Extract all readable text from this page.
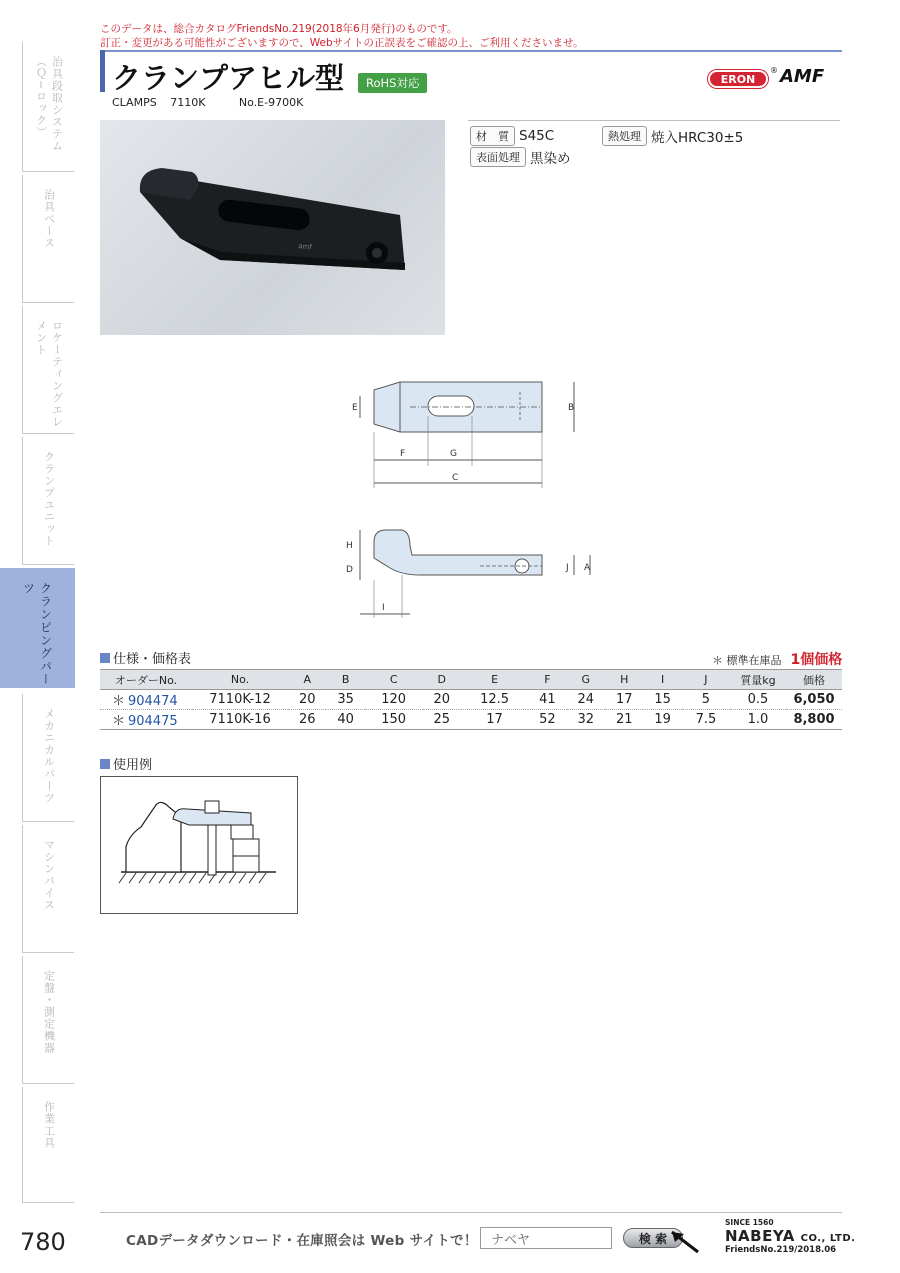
このデータは、総合カタログFriendsNo.219(2018年6月発行)のものです。
訂正・変更がある可能性がございますので、Webサイトの正誤表をご確認の上、ご利用くださいませ。
治具段取システム（Ｑ−ロック）
治具ベース
ロケーティングエレメント
クランプユニット
クランピングパーツ
メカニカルパーツ
マシンバイス
定盤・測定機器
作業工具
クランプアヒル型	RoHS対応
CLAMPS 7110K	No.E-9700K
ERON
® AMF
amf
材　質 S45C	熱処理 焼入HRC30±5
表面処理 黒染め
E	B
F	G
C
H
D
I
J A
仕様・価格表	＊ 標準在庫品 1個価格
オーダーNo.	No.	A	B	C	D	E	F	G	H	I	J	質量kg	価格
＊ 904474	7110K-12	20	35	120	20	12.5	41	24	17	15	5	0.5	6,050
＊ 904475	7110K-16	26	40	150	25	17	52	32	21	19	7.5	1.0	8,800
使用例
780	CADデータダウンロード・在庫照会は Web サイトで！ ナベヤ	検 索
SINCE 1560
NABEYA CO., LTD.
FriendsNo.219/2018.06
